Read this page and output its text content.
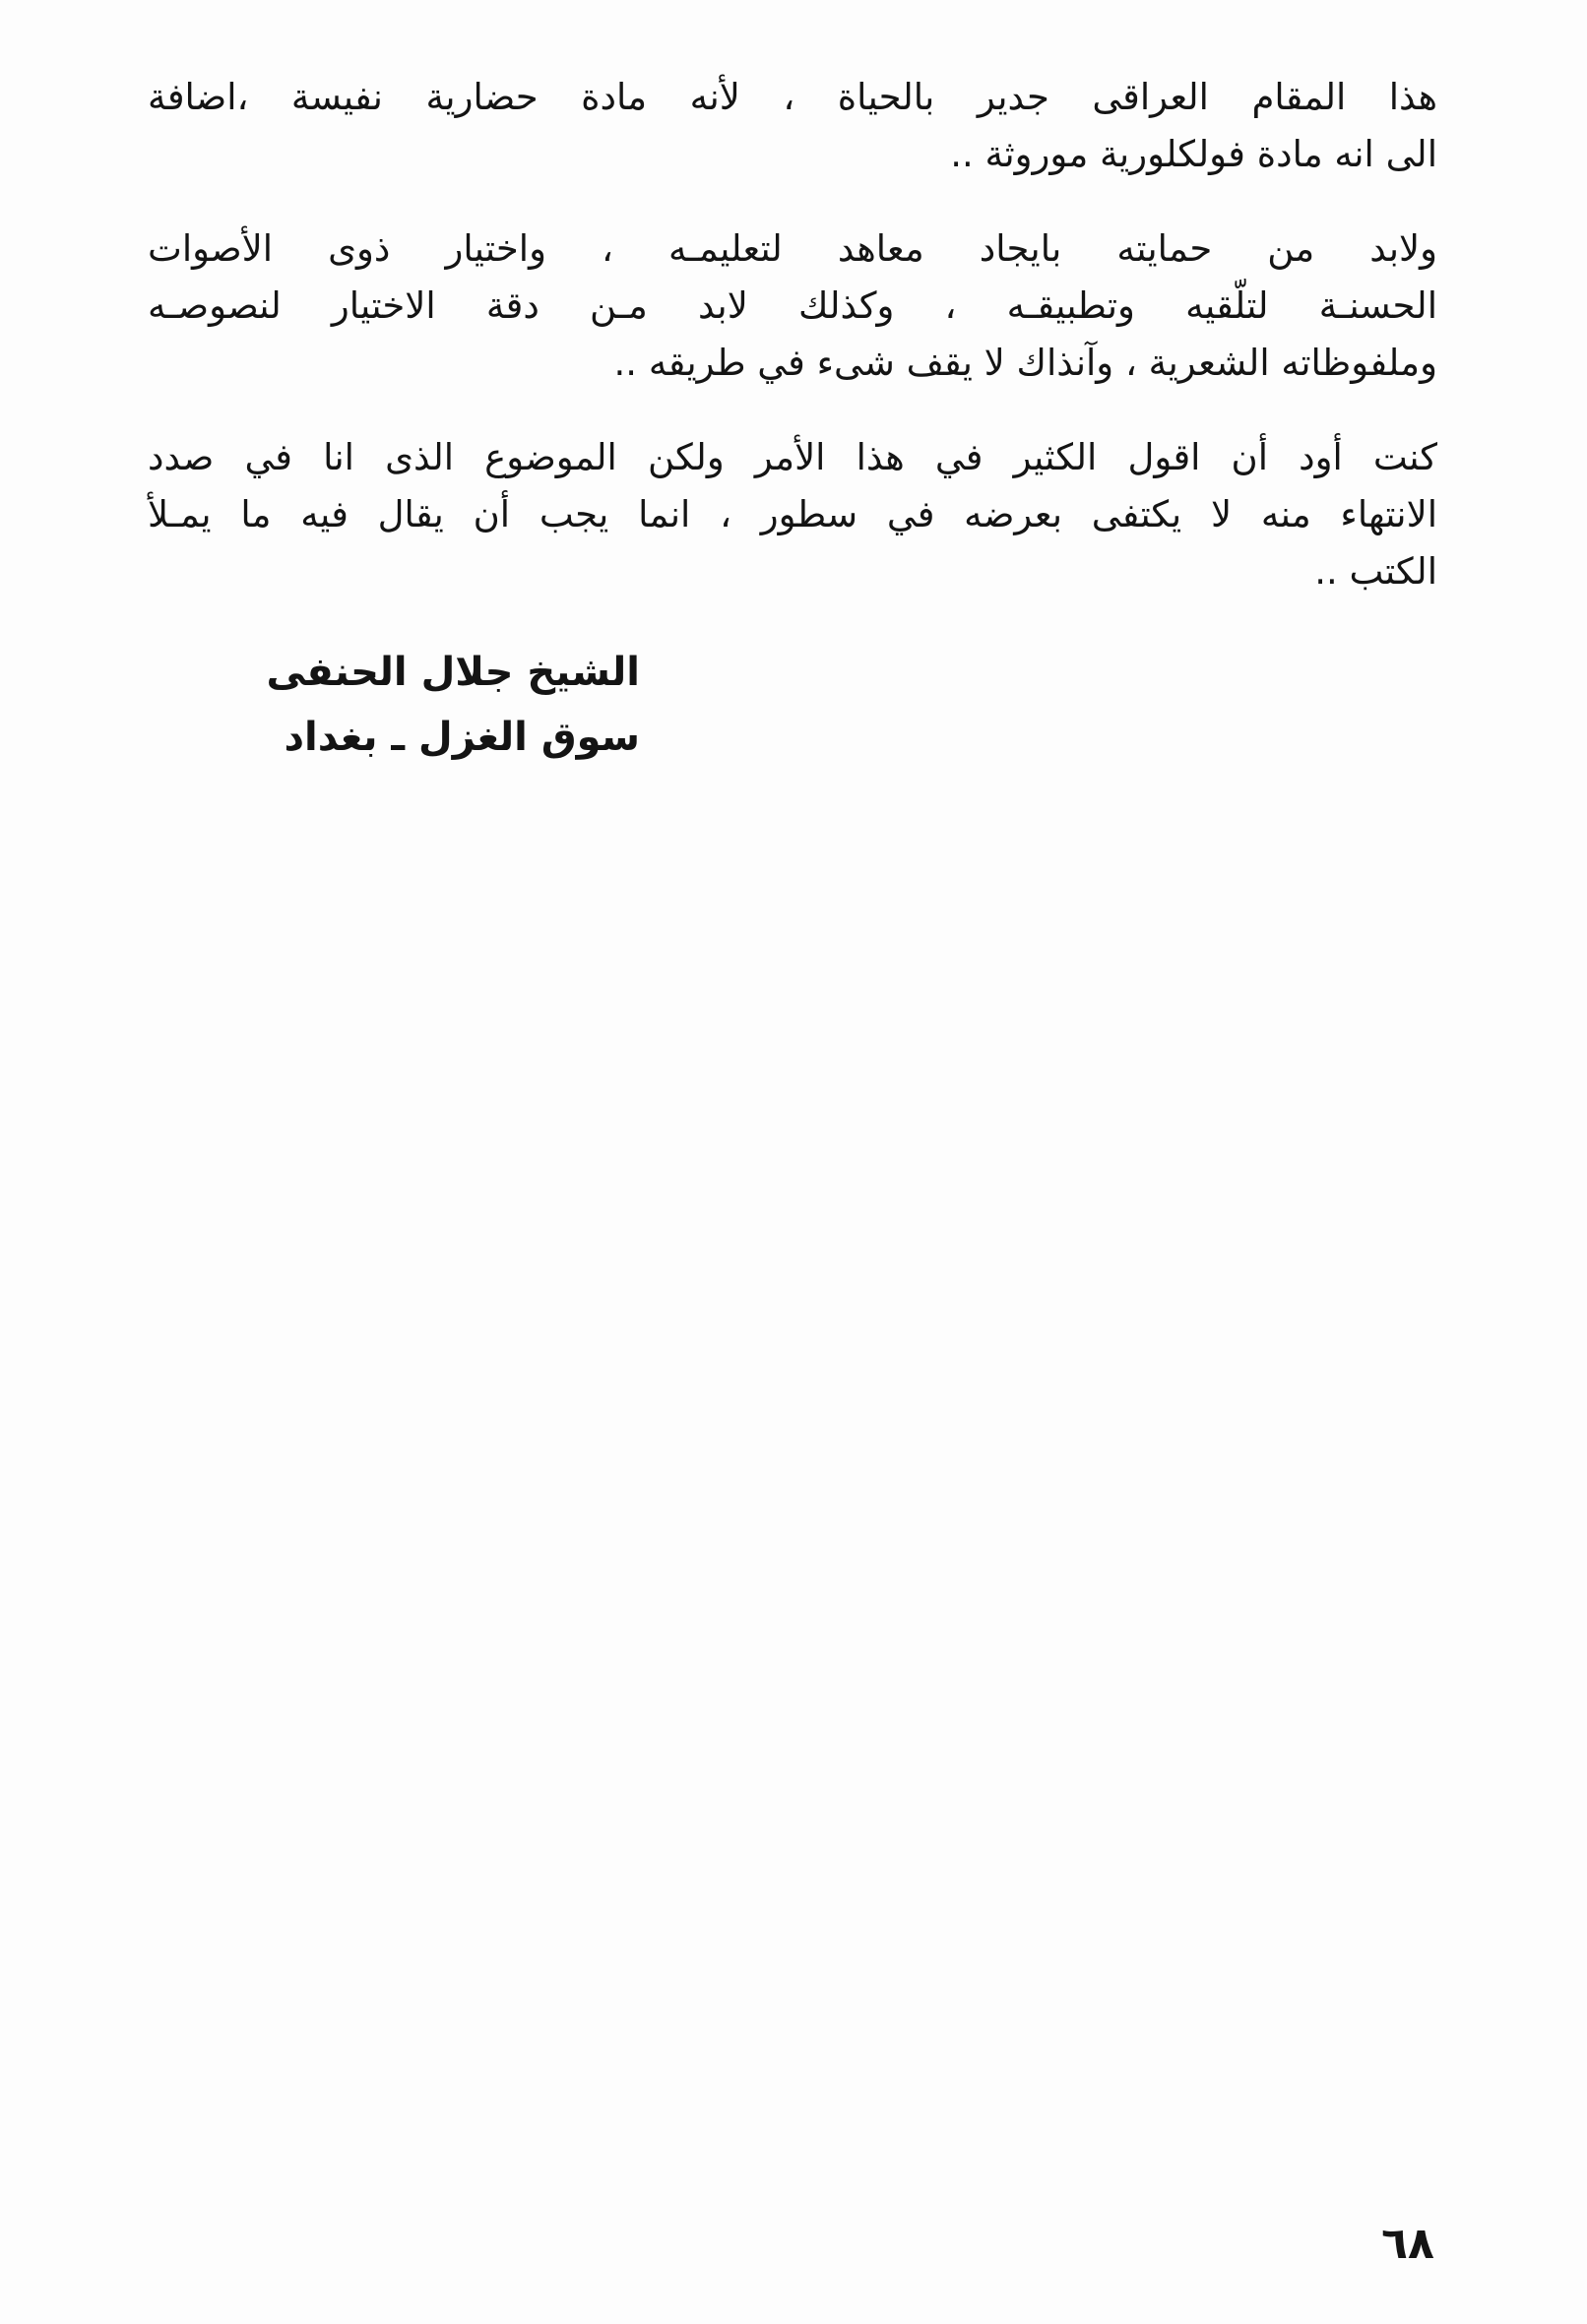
هذا المقام العراقى جدير بالحياة ، لأنه مادة حضارية نفيسة ،اضافة
الى انه مادة فولكلورية موروثة ..

ولابد من حمايته بايجاد معاهد لتعليمـه ، واختيار ذوى الأصوات
الحسنـة لتلّقيه وتطبيقـه ، وكذلك لابد مـن دقة الاختيار لنصوصـه
وملفوظاته الشعرية ، وآنذاك لا يقف شىء في طريقه ..

كنت أود أن اقول الكثير في هذا الأمر ولكن الموضوع الذى انا في صدد
الانتهاء منه لا يكتفى بعرضه في سطور ، انما يجب أن يقال فيه ما يمـلأ
الكتب ..

الشيخ جلال الحنفى
سوق الغزل ـ بغداد
٦٨
